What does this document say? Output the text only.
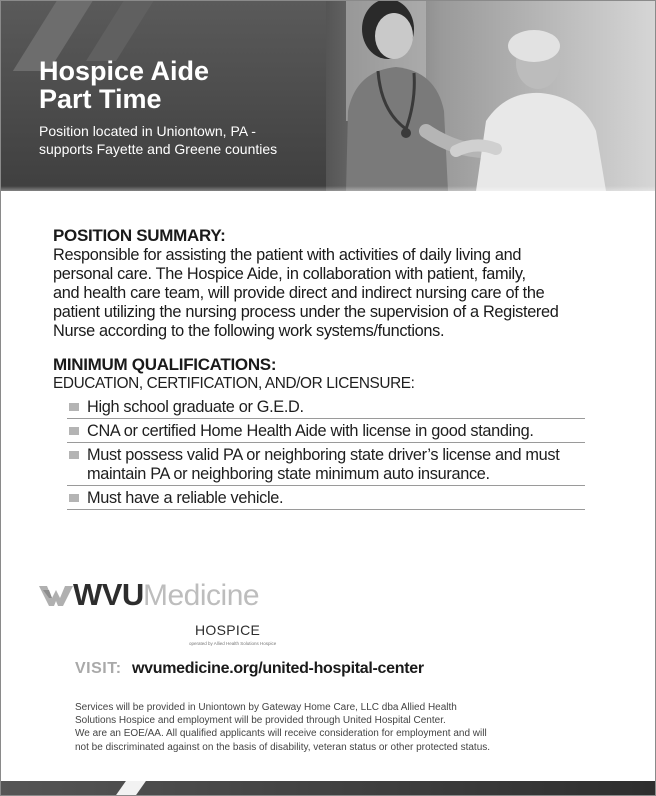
Hospice Aide
Part Time

Position located in Uniontown, PA -
supports Fayette and Greene counties

POSITION SUMMARY:

Responsible for assisting the patient with activities of daily living and
personal care. The Hospice Aide, in collaboration with patient, family,
and health care team, will provide direct and indirect nursing care of the
patient utilizing the nursing process under the supervision of a Registered
Nurse according to the following work systems/functions.

MINIMUM QUALIFICATIONS:

EDUCATION, CERTIFICATION, AND/OR LICENSURE:

High school graduate or G.E.D.
CNA or certified Home Health Aide with license in good standing.
Must possess valid PA or neighboring state driver’s license and must
maintain PA or neighboring state minimum auto insurance.
Must have a reliable vehicle.
WVU Medicine
HOSPICE
operated by Allied Health Solutions Hospice
VISIT: wvumedicine.org/united-hospital-center

Services will be provided in Uniontown by Gateway Home Care, LLC dba Allied Health

Solutions Hospice and employment will be provided through United Hospital Center.

We are an EOE/AA. All qualified applicants will receive consideration for employment and will

not be discriminated against on the basis of disability, veteran status or other protected status.
